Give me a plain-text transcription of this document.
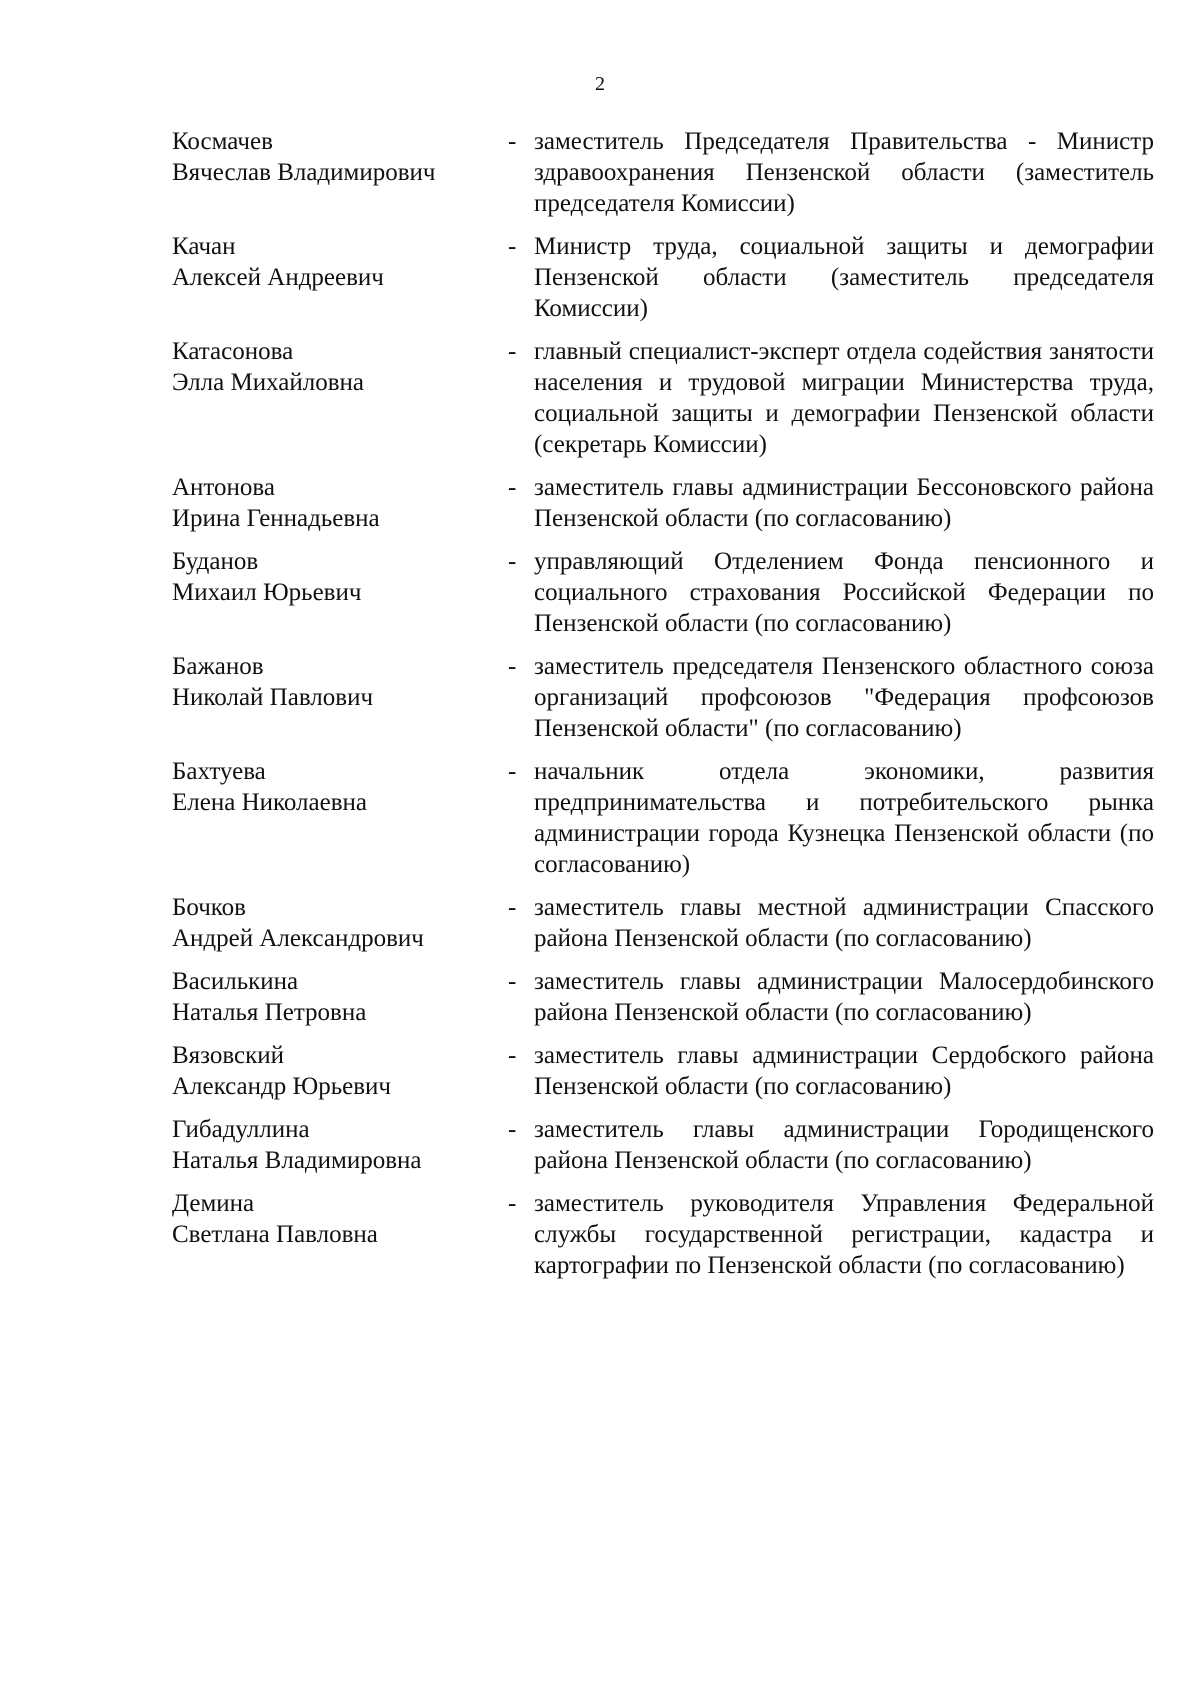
2
Космачев
Вячеслав Владимирович
- заместитель Председателя Правительства - Министр здравоохранения Пензенской области (заместитель председателя Комиссии)
Качан
Алексей Андреевич
- Министр труда, социальной защиты и демографии Пензенской области (заместитель председателя Комиссии)
Катасонова
Элла Михайловна
- главный специалист-эксперт отдела содействия занятости населения и трудовой миграции Министерства труда, социальной защиты и демографии Пензенской области (секретарь Комиссии)
Антонова
Ирина Геннадьевна
- заместитель главы администрации Бессоновского района Пензенской области (по согласованию)
Буданов
Михаил Юрьевич
- управляющий Отделением Фонда пенсионного и социального страхования Российской Федерации по Пензенской области (по согласованию)
Бажанов
Николай Павлович
- заместитель председателя Пензенского областного союза организаций профсоюзов "Федерация профсоюзов Пензенской области" (по согласованию)
Бахтуева
Елена Николаевна
- начальник отдела экономики, развития предпринимательства и потребительского рынка администрации города Кузнецка Пензенской области (по согласованию)
Бочков
Андрей Александрович
- заместитель главы местной администрации Спасского района Пензенской области (по согласованию)
Василькина
Наталья Петровна
- заместитель главы администрации Малосердобинского района Пензенской области (по согласованию)
Вязовский
Александр Юрьевич
- заместитель главы администрации Сердобского района Пензенской области (по согласованию)
Гибадуллина
Наталья Владимировна
- заместитель главы администрации Городищенского района Пензенской области (по согласованию)
Демина
Светлана Павловна
- заместитель руководителя Управления Федеральной службы государственной регистрации, кадастра и картографии по Пензенской области (по согласованию)
